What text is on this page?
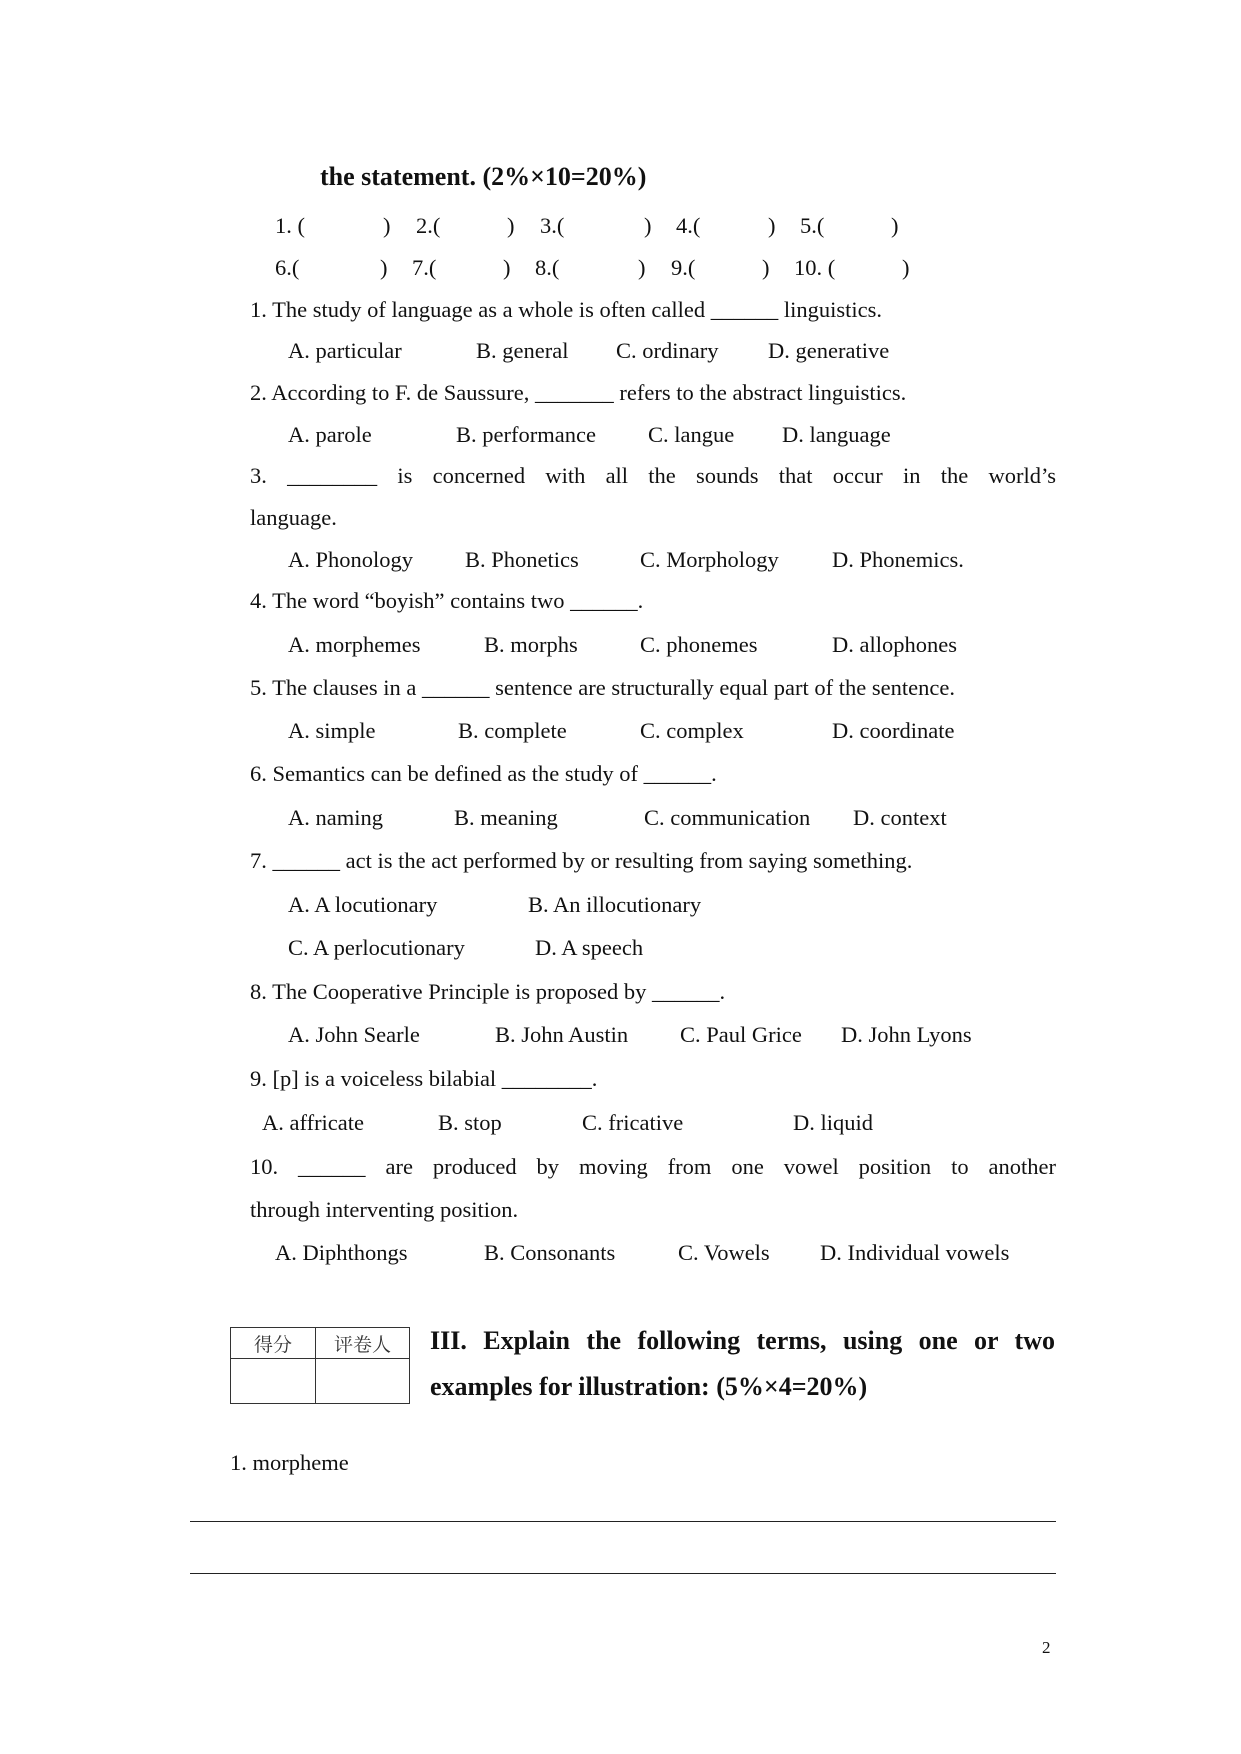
the statement. (2%×10=20%)
1. (	) 2.(	) 3.(	) 4.(	) 5.(	)
6.(	) 7.(	) 8.(	) 9.(	) 10. (	)
1. The study of language as a whole is often called ______ linguistics.
A. particular	B. general C. ordinary D. generative
2. According to F. de Saussure, _______ refers to the abstract linguistics.
A. parole	B. performance C. langue D. language
3. ________ is concerned with all the sounds that occur in the world’s
language.
A. Phonology B. Phonetics	C. Morphology D. Phonemics.
4. The word “boyish” contains two ______.
A. morphemes	B. morphs	C. phonemes	D. allophones
5. The clauses in a ______ sentence are structurally equal part of the sentence.
A. simple	B. complete	C. complex	D. coordinate
6. Semantics can be defined as the study of ______.
A. naming	B. meaning	C. communication D. context
7. ______ act is the act performed by or resulting from saying something.
A. A locutionary	B. An illocutionary
C. A perlocutionary	D. A speech
8. The Cooperative Principle is proposed by ______.
A. John Searle	B. John Austin C. Paul Grice D. John Lyons
9. [p] is a voiceless bilabial ________.
A. affricate	B. stop	C. fricative	D. liquid
10. ______ are produced by moving from one vowel position to another
through interventing position.
A. Diphthongs	B. Consonants	C. Vowels D. Individual vowels
得分	评卷人
	III. Explain the following terms, using one or two
examples for illustration: (5%×4=20%)
1. morpheme
2
